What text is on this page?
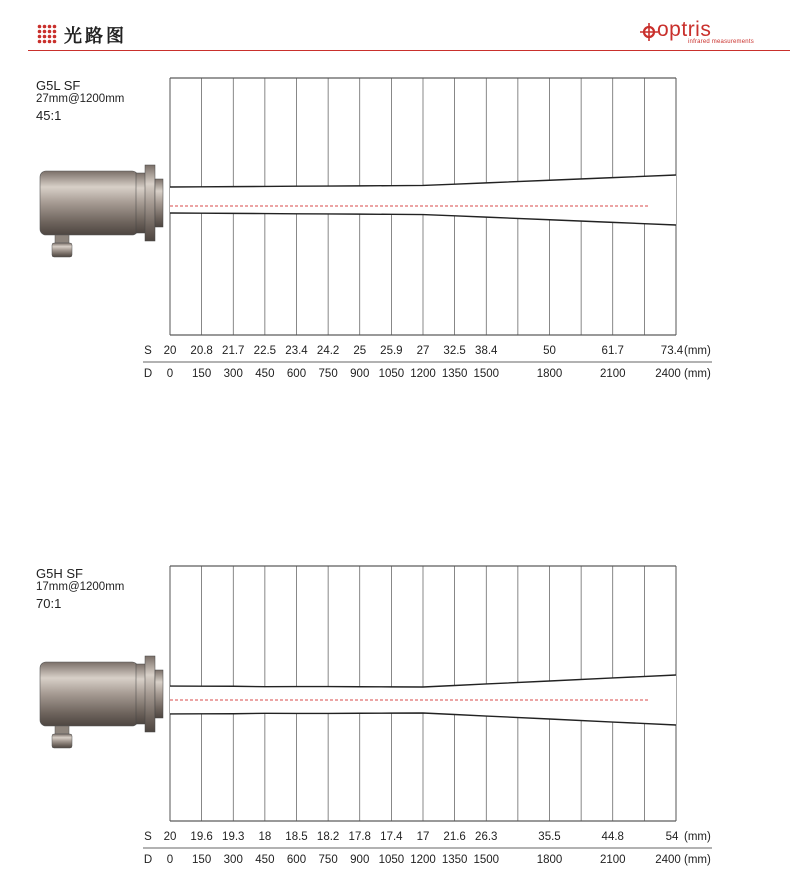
光路图	optris
infrared measurements
G5L SF
27mm@1200mm
45:1
S
D
20
0
20.8
150
21.7
300
22.5
450
23.4
600
24.2
750
25
900
25.9
1050
27
1200
32.5
1350
38.4
1500
50
1800
61.7
2100
73.4
2400
(mm)
(mm)
G5H SF
17mm@1200mm
70:1
S
D
20
0
19.6
150
19.3
300
18
450
18.5
600
18.2
750
17.8
900
17.4
1050
17
1200
21.6
1350
26.3
1500
35.5
1800
44.8
2100
54
2400
(mm)
(mm)
